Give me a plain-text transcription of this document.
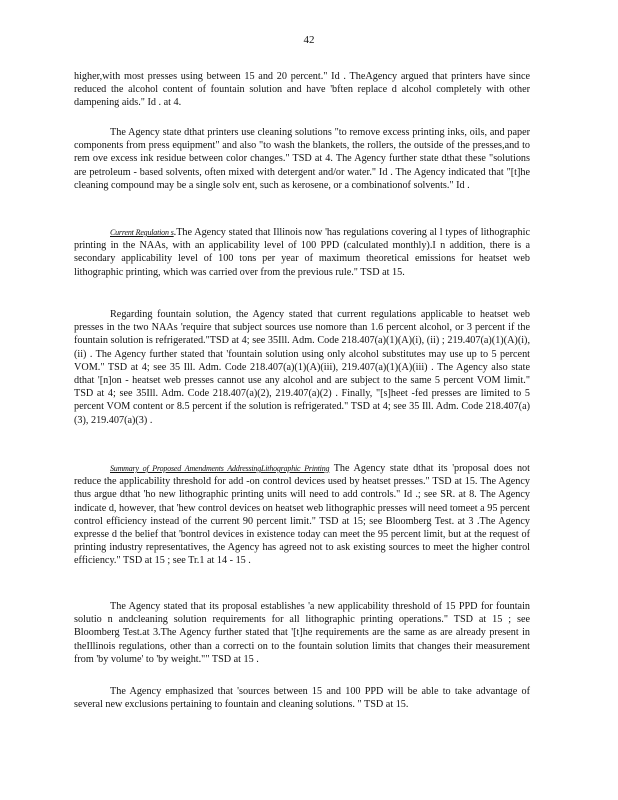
42

higher,with most presses using between 15 and 20 percent." Id . TheAgency argued that printers have since reduced the alcohol content of fountain solution and have 'bften replace d alcohol completely with other dampening aids." Id . at 4.

The Agency state dthat printers use cleaning solutions "to remove excess printing inks, oils, and paper components from press equipment" and also "to wash the blankets, the rollers, the outside of the presses,and to rem ove excess ink residue between color changes." TSD at 4. The Agency further state dthat these "solutions are petroleum - based solvents, often mixed with detergent and/or water." Id . The Agency indicated that "[t]he cleaning compound may be a single solv ent, such as kerosene, or a combinationof solvents." Id .

Current Regulation s.The Agency stated that Illinois now 'has regulations covering al l types of lithographic printing in the NAAs, with an applicability level of 100 PPD (calculated monthly).I n addition, there is a secondary applicability level of 100 tons per year of maximum theoretical emissions for heatset web lithographic printing, which was carried over from the previous rule." TSD at 15.

Regarding fountain solution, the Agency stated that current regulations applicable to heatset web presses in the two NAAs 'require that subject sources use nomore than 1.6 percent alcohol, or 3 percent if the fountain solution is refrigerated."TSD at 4; see 35Ill. Adm. Code 218.407(a)(1)(A)(i), (ii) ; 219.407(a)(1)(A)(i), (ii) . The Agency further stated that 'fountain solution using only alcohol substitutes may use up to 5 percent VOM." TSD at 4; see 35 Ill. Adm. Code 218.407(a)(1)(A)(iii), 219.407(a)(1)(A)(iii) . The Agency also state dthat '[n]on - heatset web presses cannot use any alcohol and are subject to the same 5 percent VOM limit." TSD at 4; see 35Ill. Adm. Code 218.407(a)(2), 219.407(a)(2) . Finally, "[s]heet -fed presses are limited to 5 percent VOM content or 8.5 percent if the solution is refrigerated." TSD at 4; see 35 Ill. Adm. Code 218.407(a)(3), 219.407(a)(3) .

Summary of Proposed Amendments AddressingLithographic Printing The Agency state dthat its 'proposal does not reduce the applicability threshold for add -on control devices used by heatset presses." TSD at 15. The Agency thus argue dthat 'ho new lithographic printing units will need to add controls." Id .; see SR. at 8. The Agency indicate d, however, that 'hew control devices on heatset web lithographic presses will need tomeet a 95 percent control efficiency instead of the current 90 percent limit." TSD at 15; see Bloomberg Test. at 3 .The Agency expresse d the belief that 'bontrol devices in existence today can meet the 95 percent limit, but at the request of printing industry representatives, the Agency has agreed not to ask existing sources to meet the higher control efficiency." TSD at 15 ; see Tr.1 at 14 - 15 .

The Agency stated that its proposal establishes 'a new applicability threshold of 15 PPD for fountain solutio n andcleaning solution requirements for all lithographic printing operations." TSD at 15 ; see Bloomberg Test.at 3.The Agency further stated that '[t]he requirements are the same as are already present in theIllinois regulations, other than a correcti on to the fountain solution limits that changes their measurement from 'by volume' to 'by weight."" TSD at 15 .

The Agency emphasized that 'sources between 15 and 100 PPD will be able to take advantage of several new exclusions pertaining to fountain and cleaning solutions. " TSD at 15.
